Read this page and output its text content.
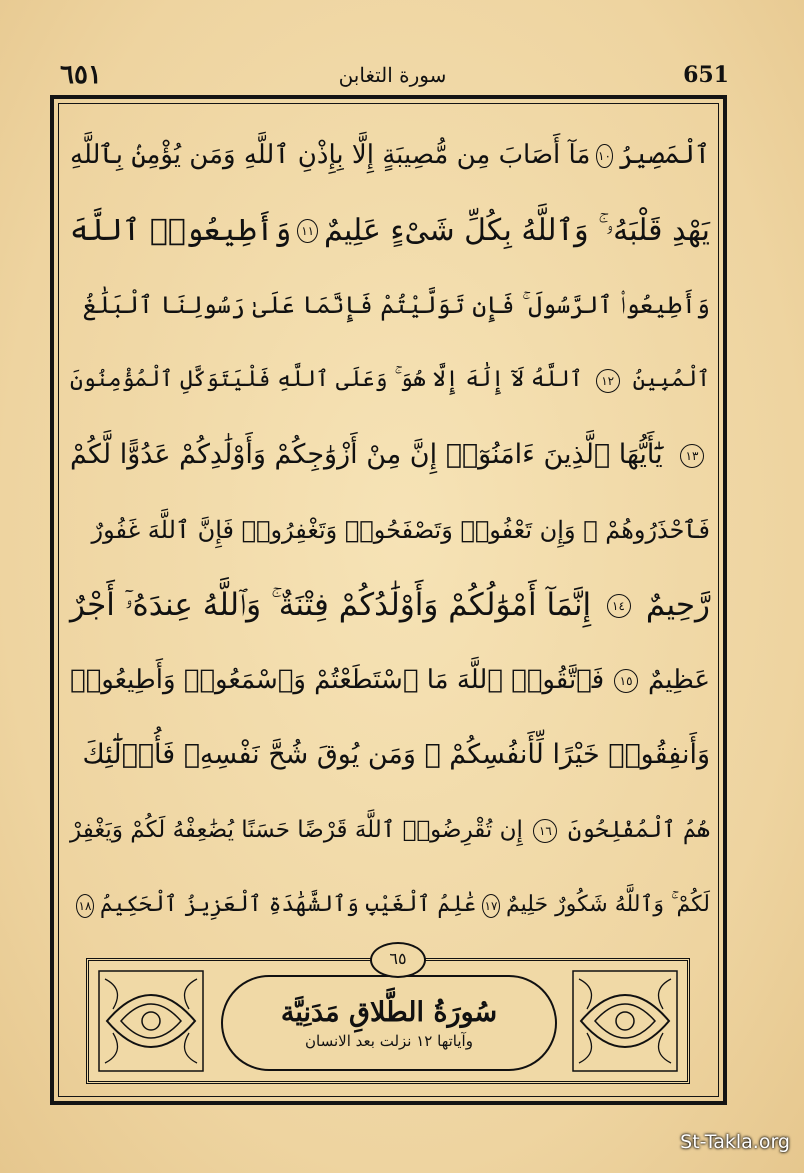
٦٥١	سورة التغابن	651
ٱلْمَصِيرُ
١٠
مَآ أَصَابَ مِن مُّصِيبَةٍ إِلَّا بِإِذْنِ ٱللَّهِ وَمَن يُؤْمِنۢ بِٱللَّهِ
يَهْدِ قَلْبَهُۥ ۚ وَٱللَّهُ بِكُلِّ شَىْءٍ عَلِيمٌ
١١
وَأَطِيعُوا۟ ٱللَّهَ
وَأَطِيعُوا۟ ٱلرَّسُولَ ۚ فَإِن تَوَلَّيْتُمْ فَإِنَّمَا عَلَىٰ رَسُولِنَا ٱلْبَلَٰغُ
ٱلْمُبِينُ
١٢
ٱللَّهُ لَآ إِلَٰهَ إِلَّا هُوَ ۚ وَعَلَى ٱللَّهِ فَلْيَتَوَكَّلِ ٱلْمُؤْمِنُونَ
١٣
يَٰٓأَيُّهَا ٱلَّذِينَ ءَامَنُوٓا۟ إِنَّ مِنْ أَزْوَٰجِكُمْ وَأَوْلَٰدِكُمْ عَدُوًّا لَّكُمْ
فَٱحْذَرُوهُمْ ۚ وَإِن تَعْفُوا۟ وَتَصْفَحُوا۟ وَتَغْفِرُوا۟ فَإِنَّ ٱللَّهَ غَفُورٌ
رَّحِيمٌ
١٤
إِنَّمَآ أَمْوَٰلُكُمْ وَأَوْلَٰدُكُمْ فِتْنَةٌ ۚ وَٱللَّهُ عِندَهُۥٓ أَجْرٌ
عَظِيمٌ
١٥
فَٱتَّقُوا۟ ٱللَّهَ مَا ٱسْتَطَعْتُمْ وَٱسْمَعُوا۟ وَأَطِيعُوا۟
وَأَنفِقُوا۟ خَيْرًا لِّأَنفُسِكُمْ ۗ وَمَن يُوقَ شُحَّ نَفْسِهِۦ فَأُو۟لَٰٓئِكَ
هُمُ ٱلْمُفْلِحُونَ
١٦
إِن تُقْرِضُوا۟ ٱللَّهَ قَرْضًا حَسَنًا يُضَٰعِفْهُ لَكُمْ وَيَغْفِرْ
لَكُمْ ۚ وَٱللَّهُ شَكُورٌ حَلِيمٌ
١٧
عَٰلِمُ ٱلْغَيْبِ وَٱلشَّهَٰدَةِ ٱلْعَزِيزُ ٱلْحَكِيمُ
١٨
سُورَةُ الطَّلاقِ مَدَنِيَّة
وآياتها ١٢ نزلت بعد الانسان
٦٥
St-Takla.org
